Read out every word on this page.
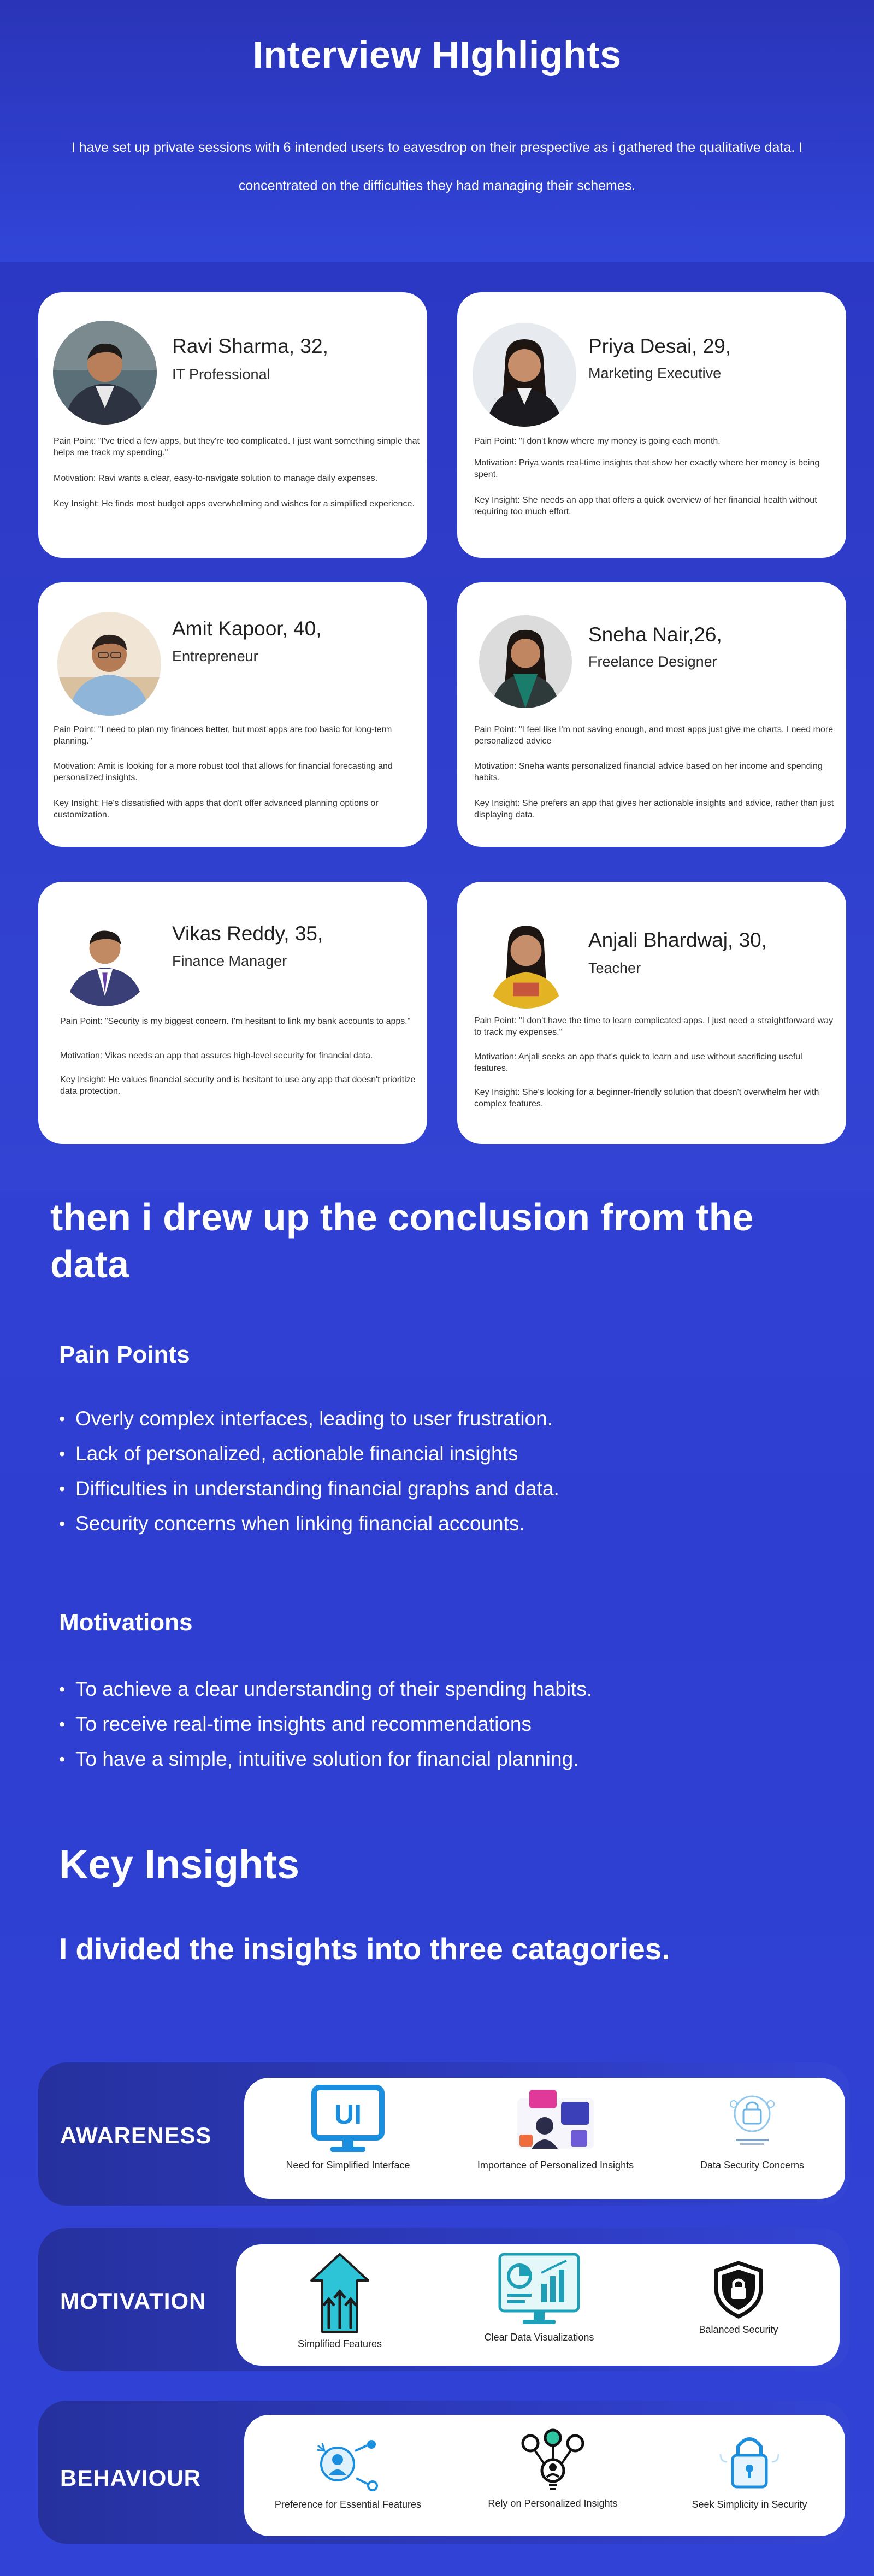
Interview HIghlights

I have set up private sessions with 6 intended users to eavesdrop on their prespective as i gathered the qualitative data. I concentrated on the difficulties they had managing their schemes.

Ravi Sharma, 32,
IT Professional

Pain Point: "I've tried a few apps, but they're too complicated. I just want something simple that helps me track my spending."

Motivation: Ravi wants a clear, easy-to-navigate solution to manage daily expenses.

Key Insight: He finds most budget apps overwhelming and wishes for a simplified experience.

Priya Desai, 29,
Marketing Executive

Pain Point: "I don't know where my money is going each month.

Motivation: Priya wants real-time insights that show her exactly where her money is being spent.

Key Insight: She needs an app that offers a quick overview of her financial health without requiring too much effort.

Amit Kapoor, 40,
Entrepreneur

Pain Point: "I need to plan my finances better, but most apps are too basic for long-term planning."

Motivation: Amit is looking for a more robust tool that allows for financial forecasting and personalized insights.

Key Insight: He's dissatisfied with apps that don't offer advanced planning options or customization.

Sneha Nair,26,
Freelance Designer

Pain Point: "I feel like I'm not saving enough, and most apps just give me charts. I need more personalized advice

Motivation: Sneha wants personalized financial advice based on her income and spending habits.

Key Insight: She prefers an app that gives her actionable insights and advice, rather than just displaying data.

Vikas Reddy, 35,
Finance Manager

Pain Point: "Security is my biggest concern. I'm hesitant to link my bank accounts to apps."

Motivation: Vikas needs an app that assures high-level security for financial data.

Key Insight: He values financial security and is hesitant to use any app that doesn't prioritize data protection.

Anjali Bhardwaj, 30,
Teacher

Pain Point: "I don't have the time to learn complicated apps. I just need a straightforward way to track my expenses."

Motivation: Anjali seeks an app that's quick to learn and use without sacrificing useful features.

Key Insight: She's looking for a beginner-friendly solution that doesn't overwhelm her with complex features.

then i drew up the conclusion from the data
Pain Points
• Overly complex interfaces, leading to user frustration.
• Lack of personalized, actionable financial insights
• Difficulties in understanding financial graphs and data.
• Security concerns when linking financial accounts.
Motivations
• To achieve a clear understanding of their spending habits.
• To receive real-time insights and recommendations
• To have a simple, intuitive solution for financial planning.
Key Insights

I divided the insights into three catagories.

AWARENESS
UI
Need for Simplified Interface	Importance of Personalized Insights	Data Security Concerns
MOTIVATION
Simplified Features
Clear Data Visualizations
Balanced Security
BEHAVIOUR
Preference for Essential Features	Rely on Personalized Insights	Seek Simplicity in Security
